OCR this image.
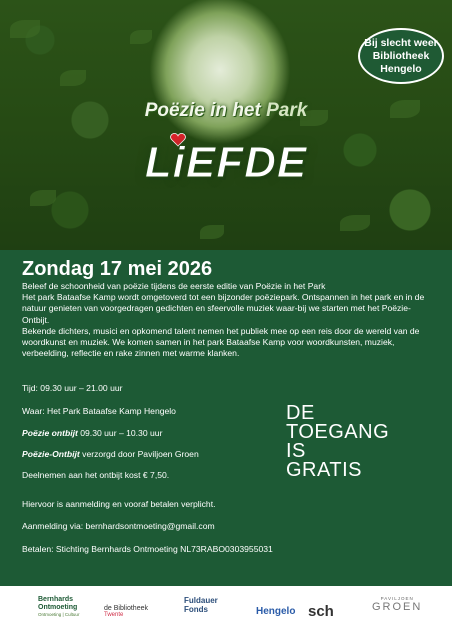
Bij slecht weer
Bibliotheek
Hengelo
Poëzie in het Park
LiEFDE
Zondag 17 mei 2026

Beleef de schoonheid van poëzie tijdens de eerste editie van Poëzie in het Park

Het park Bataafse Kamp wordt omgetoverd tot een bijzonder poëziepark. Ontspannen in het park en in de natuur genieten van voorgedragen gedichten en sfeervolle muziek waar-bij we starten met het Poëzie-Ontbijt.

Bekende dichters, musici en opkomend talent nemen het publiek mee op een reis door de wereld van de woordkunst en muziek. We komen samen in het park Bataafse Kamp voor woordkunsten, muziek, verbeelding, reflectie en rake zinnen met warme klanken.

Tijd: 09.30 uur – 21.00 uur
Waar: Het Park Bataafse Kamp Hengelo
Poëzie ontbijt 09.30 uur – 10.30 uur
Poëzie-Ontbijt verzorgd door Paviljoen Groen
Deelnemen aan het ontbijt kost € 7,50.
Hiervoor is aanmelding en vooraf betalen verplicht.
Aanmelding via: bernhardsontmoeting@gmail.com
Betalen: Stichting Bernhards Ontmoeting NL73RABO0303955031
DE
TOEGANG
IS
GRATIS
Bernhards
Ontmoeting
Ontmoeting | Cultuur
de Bibliotheek
Twente
Fuldauer
Fonds	Hengelo sch
PAVILJOEN
GROEN
